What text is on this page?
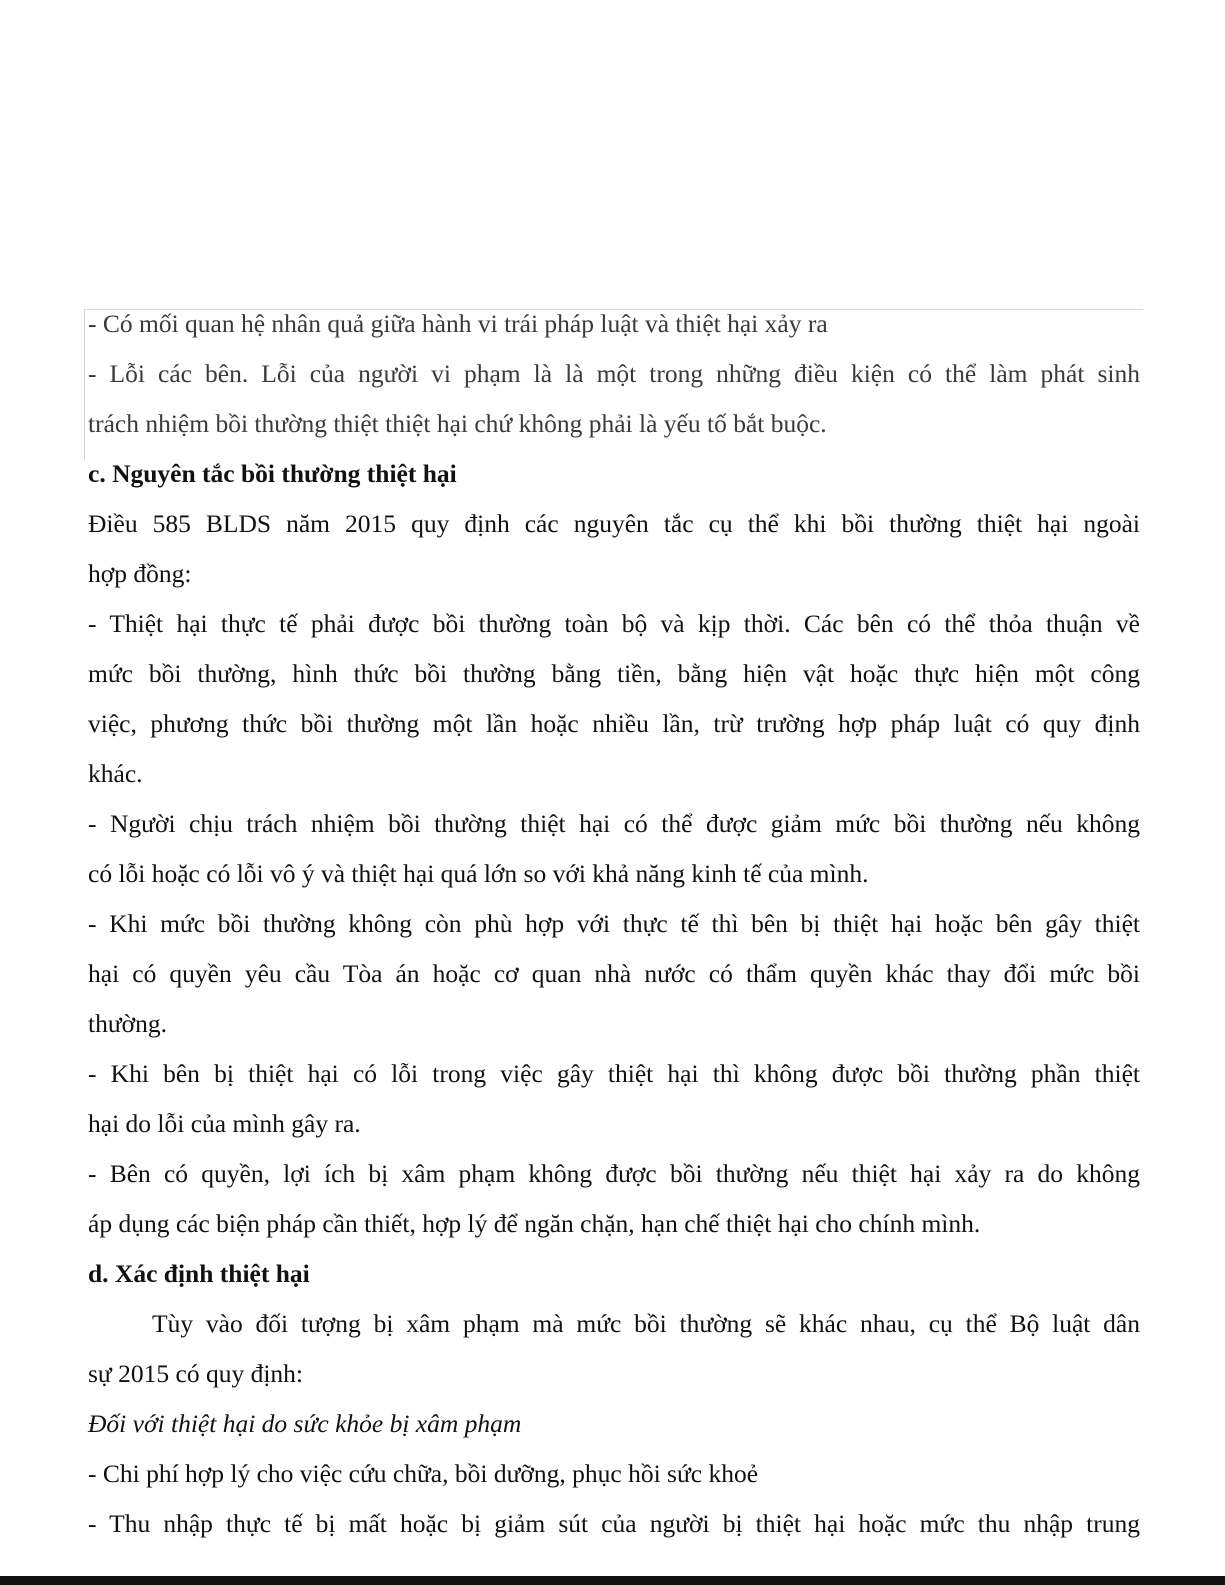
- Có mối quan hệ nhân quả giữa hành vi trái pháp luật và thiệt hại xảy ra
- Lỗi các bên. Lỗi của người vi phạm là là một trong những điều kiện có thể làm phát sinh
trách nhiệm bồi thường thiệt thiệt hại chứ không phải là yếu tố bắt buộc.
c. Nguyên tắc bồi thường thiệt hại
Điều 585 BLDS năm 2015 quy định các nguyên tắc cụ thể khi bồi thường thiệt hại ngoài
hợp đồng:
- Thiệt hại thực tế phải được bồi thường toàn bộ và kịp thời. Các bên có thể thỏa thuận về
mức bồi thường, hình thức bồi thường bằng tiền, bằng hiện vật hoặc thực hiện một công
việc, phương thức bồi thường một lần hoặc nhiều lần, trừ trường hợp pháp luật có quy định
khác.
- Người chịu trách nhiệm bồi thường thiệt hại có thể được giảm mức bồi thường nếu không
có lỗi hoặc có lỗi vô ý và thiệt hại quá lớn so với khả năng kinh tế của mình.
- Khi mức bồi thường không còn phù hợp với thực tế thì bên bị thiệt hại hoặc bên gây thiệt
hại có quyền yêu cầu Tòa án hoặc cơ quan nhà nước có thẩm quyền khác thay đổi mức bồi
thường.
- Khi bên bị thiệt hại có lỗi trong việc gây thiệt hại thì không được bồi thường phần thiệt
hại do lỗi của mình gây ra.
- Bên có quyền, lợi ích bị xâm phạm không được bồi thường nếu thiệt hại xảy ra do không
áp dụng các biện pháp cần thiết, hợp lý để ngăn chặn, hạn chế thiệt hại cho chính mình.
d. Xác định thiệt hại
Tùy vào đối tượng bị xâm phạm mà mức bồi thường sẽ khác nhau, cụ thể Bộ luật dân
sự 2015 có quy định:
Đối với thiệt hại do sức khỏe bị xâm phạm
- Chi phí hợp lý cho việc cứu chữa, bồi dưỡng, phục hồi sức khoẻ
- Thu nhập thực tế bị mất hoặc bị giảm sút của người bị thiệt hại hoặc mức thu nhập trung
